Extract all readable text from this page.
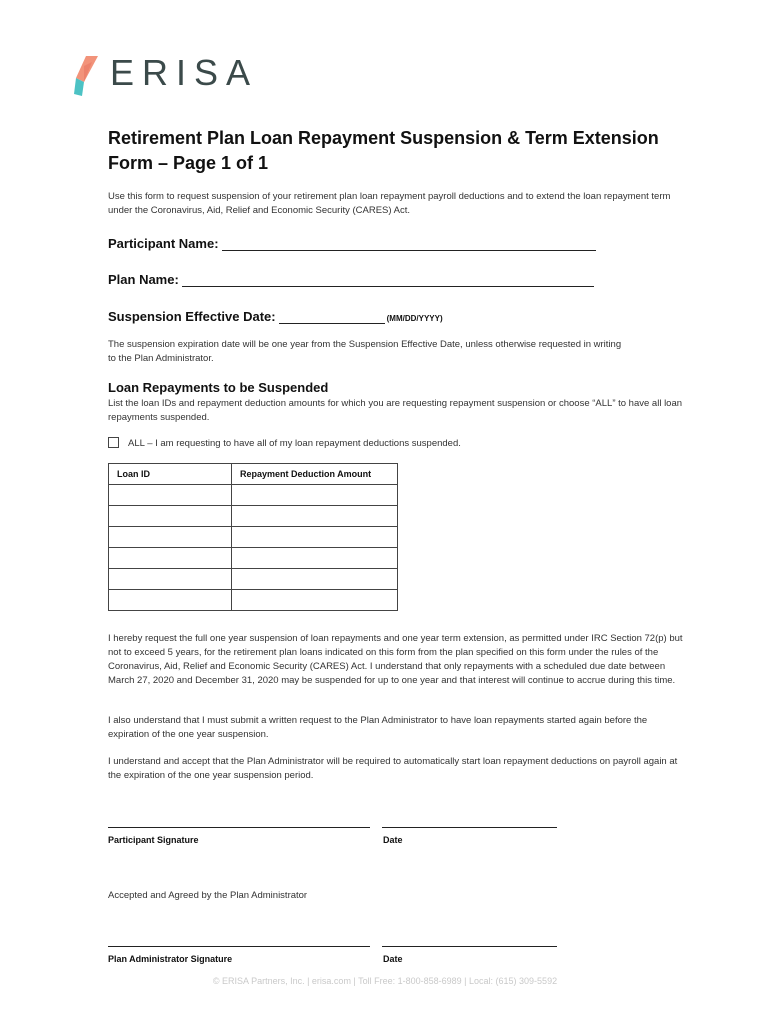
ERISA
Retirement Plan Loan Repayment Suspension & Term Extension Form – Page 1 of 1
Use this form to request suspension of your retirement plan loan repayment payroll deductions and to extend the loan repayment term under the Coronavirus, Aid, Relief and Economic Security (CARES) Act.
Participant Name:
Plan Name:
Suspension Effective Date:	(MM/DD/YYYY)
The suspension expiration date will be one year from the Suspension Effective Date, unless otherwise requested in writing to the Plan Administrator.
Loan Repayments to be Suspended
List the loan IDs and repayment deduction amounts for which you are requesting repayment suspension or choose “ALL” to have all loan repayments suspended.
ALL – I am requesting to have all of my loan repayment deductions suspended.
Loan ID	Repayment Deduction Amount

I hereby request the full one year suspension of loan repayments and one year term extension, as permitted under IRC Section 72(p) but not to exceed 5 years, for the retirement plan loans indicated on this form from the plan specified on this form under the rules of the Coronavirus, Aid, Relief and Economic Security (CARES) Act. I understand that only repayments with a scheduled due date between March 27, 2020 and December 31, 2020 may be suspended for up to one year and that interest will continue to accrue during this time.
I also understand that I must submit a written request to the Plan Administrator to have loan repayments started again before the expiration of the one year suspension.
I understand and accept that the Plan Administrator will be required to automatically start loan repayment deductions on payroll again at the expiration of the one year suspension period.
Participant Signature	Date
Accepted and Agreed by the Plan Administrator
Plan Administrator Signature	Date
© ERISA Partners, Inc. | erisa.com | Toll Free: 1-800-858-6989 | Local: (615) 309-5592
